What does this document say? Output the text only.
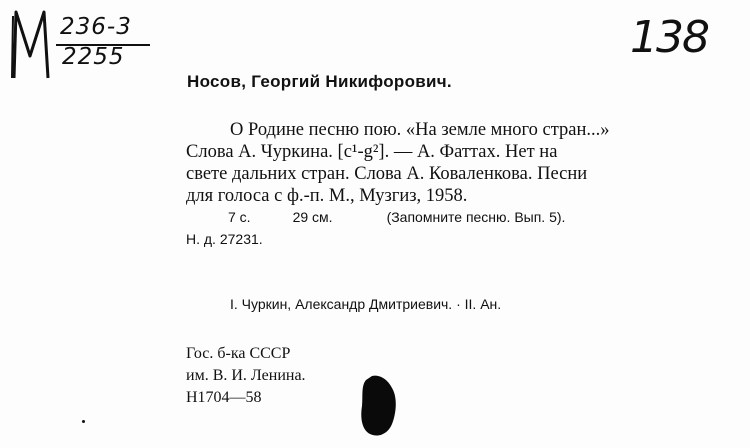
236-3
2255	138
Носов, Георгий Никифорович.
О Родине песню пою. «На земле много стран...»
Слова А. Чуркина. [c¹-g²]. — А. Фаттах. Нет на
свете дальних стран. Слова А. Коваленкова. Песни
для голоса с ф.-п. М., Музгиз, 1958.
7 с.	29 см.	(Запомните песню. Вып. 5).
Н. д. 27231.
I. Чуркин, Александр Дмитриевич. · II. Ан.
Гос. б-ка СССР
им. В. И. Ленина.
Н1704—58
